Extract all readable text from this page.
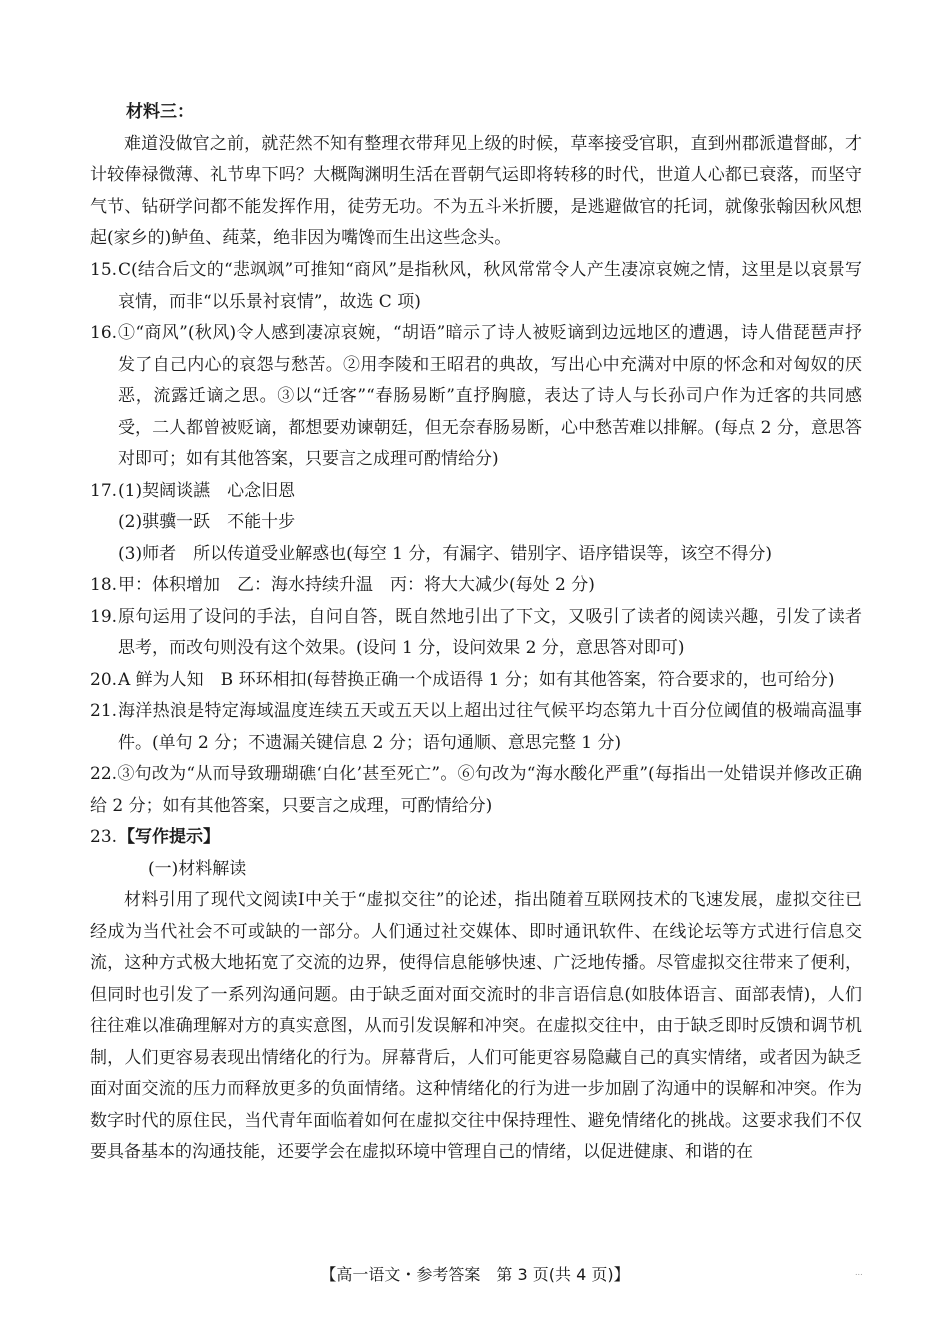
材料三：

难道没做官之前，就茫然不知有整理衣带拜见上级的时候，草率接受官职，直到州郡派遣督邮，才计较俸禄微薄、礼节卑下吗？大概陶渊明生活在晋朝气运即将转移的时代，世道人心都已衰落，而坚守气节、钻研学问都不能发挥作用，徒劳无功。不为五斗米折腰，是逃避做官的托词，就像张翰因秋风想起(家乡的)鲈鱼、莼菜，绝非因为嘴馋而生出这些念头。

15. C(结合后文的“悲飒飒”可推知“商风”是指秋风，秋风常常令人产生凄凉哀婉之情，这里是以哀景写哀情，而非“以乐景衬哀情”，故选 C 项)

16. ①“商风”(秋风)令人感到凄凉哀婉，“胡语”暗示了诗人被贬谪到边远地区的遭遇，诗人借琵琶声抒发了自己内心的哀怨与愁苦。②用李陵和王昭君的典故，写出心中充满对中原的怀念和对匈奴的厌恶，流露迁谪之思。③以“迁客”“春肠易断”直抒胸臆，表达了诗人与长孙司户作为迁客的共同感受，二人都曾被贬谪，都想要劝谏朝廷，但无奈春肠易断，心中愁苦难以排解。(每点 2 分，意思答对即可；如有其他答案，只要言之成理可酌情给分)

17. (1)契阔谈讌　心念旧恩

(2)骐骥一跃　不能十步

(3)师者　所以传道受业解惑也(每空 1 分，有漏字、错别字、语序错误等，该空不得分)

18. 甲：体积增加　乙：海水持续升温　丙：将大大减少(每处 2 分)

19. 原句运用了设问的手法，自问自答，既自然地引出了下文，又吸引了读者的阅读兴趣，引发了读者思考，而改句则没有这个效果。(设问 1 分，设问效果 2 分，意思答对即可)

20. A 鲜为人知　B 环环相扣(每替换正确一个成语得 1 分；如有其他答案，符合要求的，也可给分)

21. 海洋热浪是特定海域温度连续五天或五天以上超出过往气候平均态第九十百分位阈值的极端高温事件。(单句 2 分；不遗漏关键信息 2 分；语句通顺、意思完整 1 分)

22.③句改为“从而导致珊瑚礁‘白化’甚至死亡”。⑥句改为“海水酸化严重”(每指出一处错误并修改正确给 2 分；如有其他答案，只要言之成理，可酌情给分)

23. 【写作提示】

(一)材料解读

材料引用了现代文阅读Ⅰ中关于“虚拟交往”的论述，指出随着互联网技术的飞速发展，虚拟交往已经成为当代社会不可或缺的一部分。人们通过社交媒体、即时通讯软件、在线论坛等方式进行信息交流，这种方式极大地拓宽了交流的边界，使得信息能够快速、广泛地传播。尽管虚拟交往带来了便利，但同时也引发了一系列沟通问题。由于缺乏面对面交流时的非言语信息(如肢体语言、面部表情)，人们往往难以准确理解对方的真实意图，从而引发误解和冲突。在虚拟交往中，由于缺乏即时反馈和调节机制，人们更容易表现出情绪化的行为。屏幕背后，人们可能更容易隐藏自己的真实情绪，或者因为缺乏面对面交流的压力而释放更多的负面情绪。这种情绪化的行为进一步加剧了沟通中的误解和冲突。作为数字时代的原住民，当代青年面临着如何在虚拟交往中保持理性、避免情绪化的挑战。这要求我们不仅要具备基本的沟通技能，还要学会在虚拟环境中管理自己的情绪，以促进健康、和谐的在

【高一语文・参考答案　第 3 页(共 4 页)】	...
